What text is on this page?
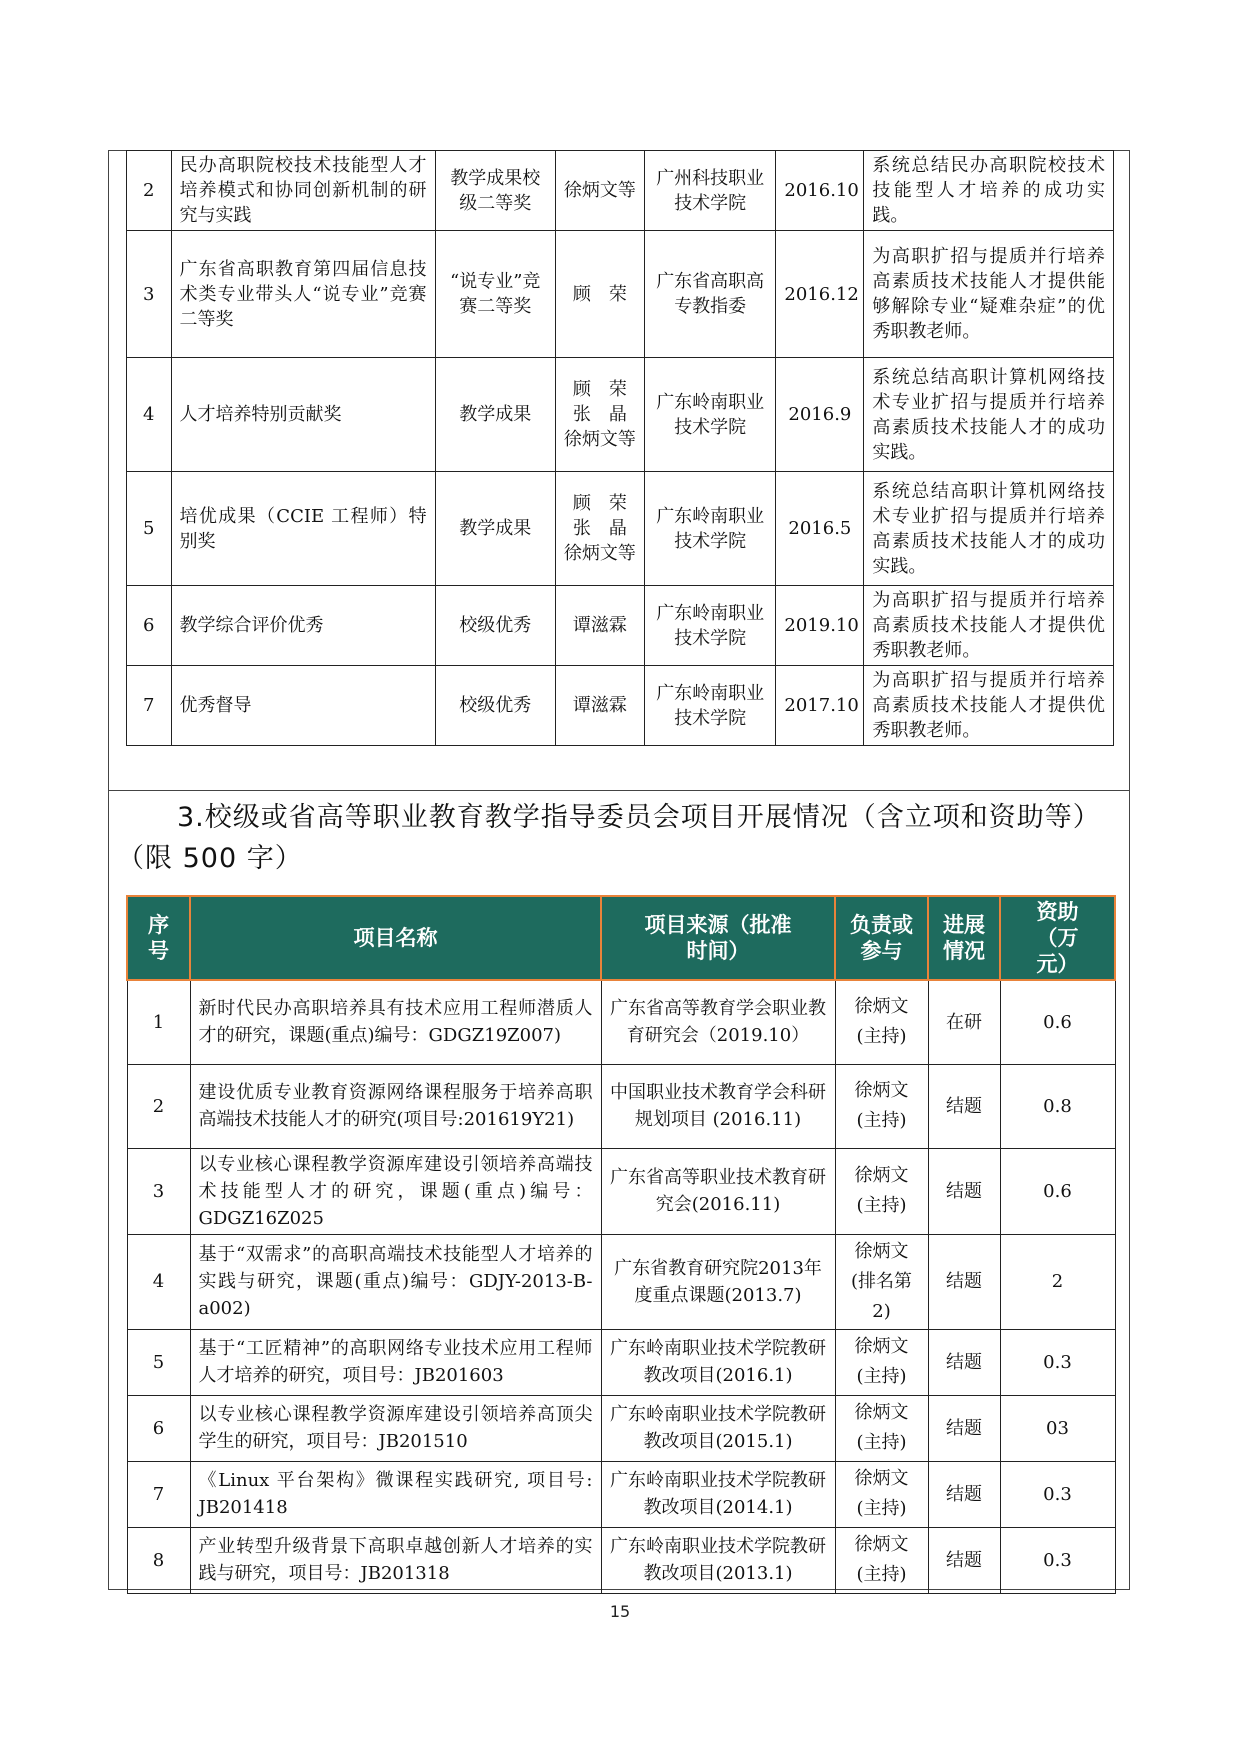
2	民办高职院校技术技能型人才培养模式和协同创新机制的研究与实践	教学成果校级二等奖	徐炳文等	广州科技职业技术学院	2016.10	系统总结民办高职院校技术技能型人才培养的成功实践。
3	广东省高职教育第四届信息技术类专业带头人“说专业”竞赛二等奖	“说专业”竞赛二等奖	顾　荣	广东省高职高专教指委	2016.12	为高职扩招与提质并行培养高素质技术技能人才提供能够解除专业“疑难杂症”的优秀职教老师。
4	人才培养特别贡献奖	教学成果	顾　荣 张　晶 徐炳文等	广东岭南职业技术学院	2016.9	系统总结高职计算机网络技术专业扩招与提质并行培养高素质技术技能人才的成功实践。
5	培优成果（CCIE 工程师）特别奖	教学成果	顾　荣 张　晶 徐炳文等	广东岭南职业技术学院	2016.5	系统总结高职计算机网络技术专业扩招与提质并行培养高素质技术技能人才的成功实践。
6	教学综合评价优秀	校级优秀	谭滋霖	广东岭南职业技术学院	2019.10	为高职扩招与提质并行培养高素质技术技能人才提供优秀职教老师。
7	优秀督导	校级优秀	谭滋霖	广东岭南职业技术学院	2017.10	为高职扩招与提质并行培养高素质技术技能人才提供优秀职教老师。
3.校级或省高等职业教育教学指导委员会项目开展情况（含立项和资助等）（限 500 字）
序号	项目名称	项目来源（批准时间）	负责或参与	进展情况	资助（万元）
1	新时代民办高职培养具有技术应用工程师潜质人才的研究，课题(重点)编号：GDGZ19Z007)	广东省高等教育学会职业教育研究会（2019.10）	徐炳文(主持)	在研	0.6
2	建设优质专业教育资源网络课程服务于培养高职高端技术技能人才的研究(项目号:201619Y21)	中国职业技术教育学会科研规划项目 (2016.11)	徐炳文(主持)	结题	0.8
3	以专业核心课程教学资源库建设引领培养高端技术技能型人才的研究，课题(重点)编号：GDGZ16Z025	广东省高等职业技术教育研究会(2016.11)	徐炳文(主持)	结题	0.6
4	基于“双需求”的高职高端技术技能型人才培养的实践与研究，课题(重点)编号：GDJY-2013-B-a002)	广东省教育研究院2013年度重点课题(2013.7)	徐炳文(排名第2)	结题	2
5	基于“工匠精神”的高职网络专业技术应用工程师人才培养的研究，项目号：JB201603	广东岭南职业技术学院教研教改项目(2016.1)	徐炳文(主持)	结题	0.3
6	以专业核心课程教学资源库建设引领培养高顶尖学生的研究，项目号：JB201510	广东岭南职业技术学院教研教改项目(2015.1)	徐炳文(主持)	结题	03
7	《Linux 平台架构》微课程实践研究, 项目号: JB201418	广东岭南职业技术学院教研教改项目(2014.1)	徐炳文(主持)	结题	0.3
8	产业转型升级背景下高职卓越创新人才培养的实践与研究，项目号：JB201318	广东岭南职业技术学院教研教改项目(2013.1)	徐炳文(主持)	结题	0.3
15
